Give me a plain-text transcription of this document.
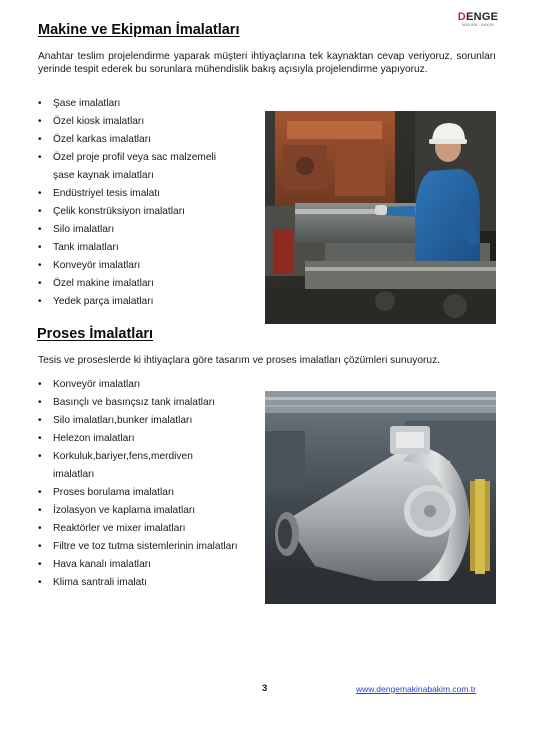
DENGE
MAKİNA · BAKIM
Makine ve Ekipman İmalatları
Anahtar teslim projelendirme yaparak müşteri ihtiyaçlarına tek kaynaktan cevap veriyoruz, sorunları yerinde tespit ederek bu sorunlara mühendislik bakış açısıyla projelendirme yapıyoruz.
• Şase imalatları
• Özel kiosk imalatları
• Özel karkas imalatları
• Özel proje profil veya sac malzemeli
şase kaynak imalatları
• Endüstriyel tesis imalatı
• Çelik konstrüksiyon imalatları
• Silo imalatları
• Tank imalatları
• Konveyör imalatları
• Özel makine imalatları
• Yedek parça imalatları
Proses İmalatları
Tesis ve proseslerde ki ihtiyaçlara göre tasarım ve proses imalatları çözümleri sunuyoruz.
• Konveyör imalatları
• Basınçlı ve basınçsız tank imalatları
• Silo imalatları,bunker imalatları
• Helezon imalatları
• Korkuluk,bariyer,fens,merdiven
imalatları
• Proses borulama imalatları
• İzolasyon ve kaplama imalatları
• Reaktörler ve mixer imalatları
• Filtre ve toz tutma sistemlerinin imalatları
• Hava kanalı imalatları
• Klima santrali imalatı
3	www.dengemakinabakim.com.tr
